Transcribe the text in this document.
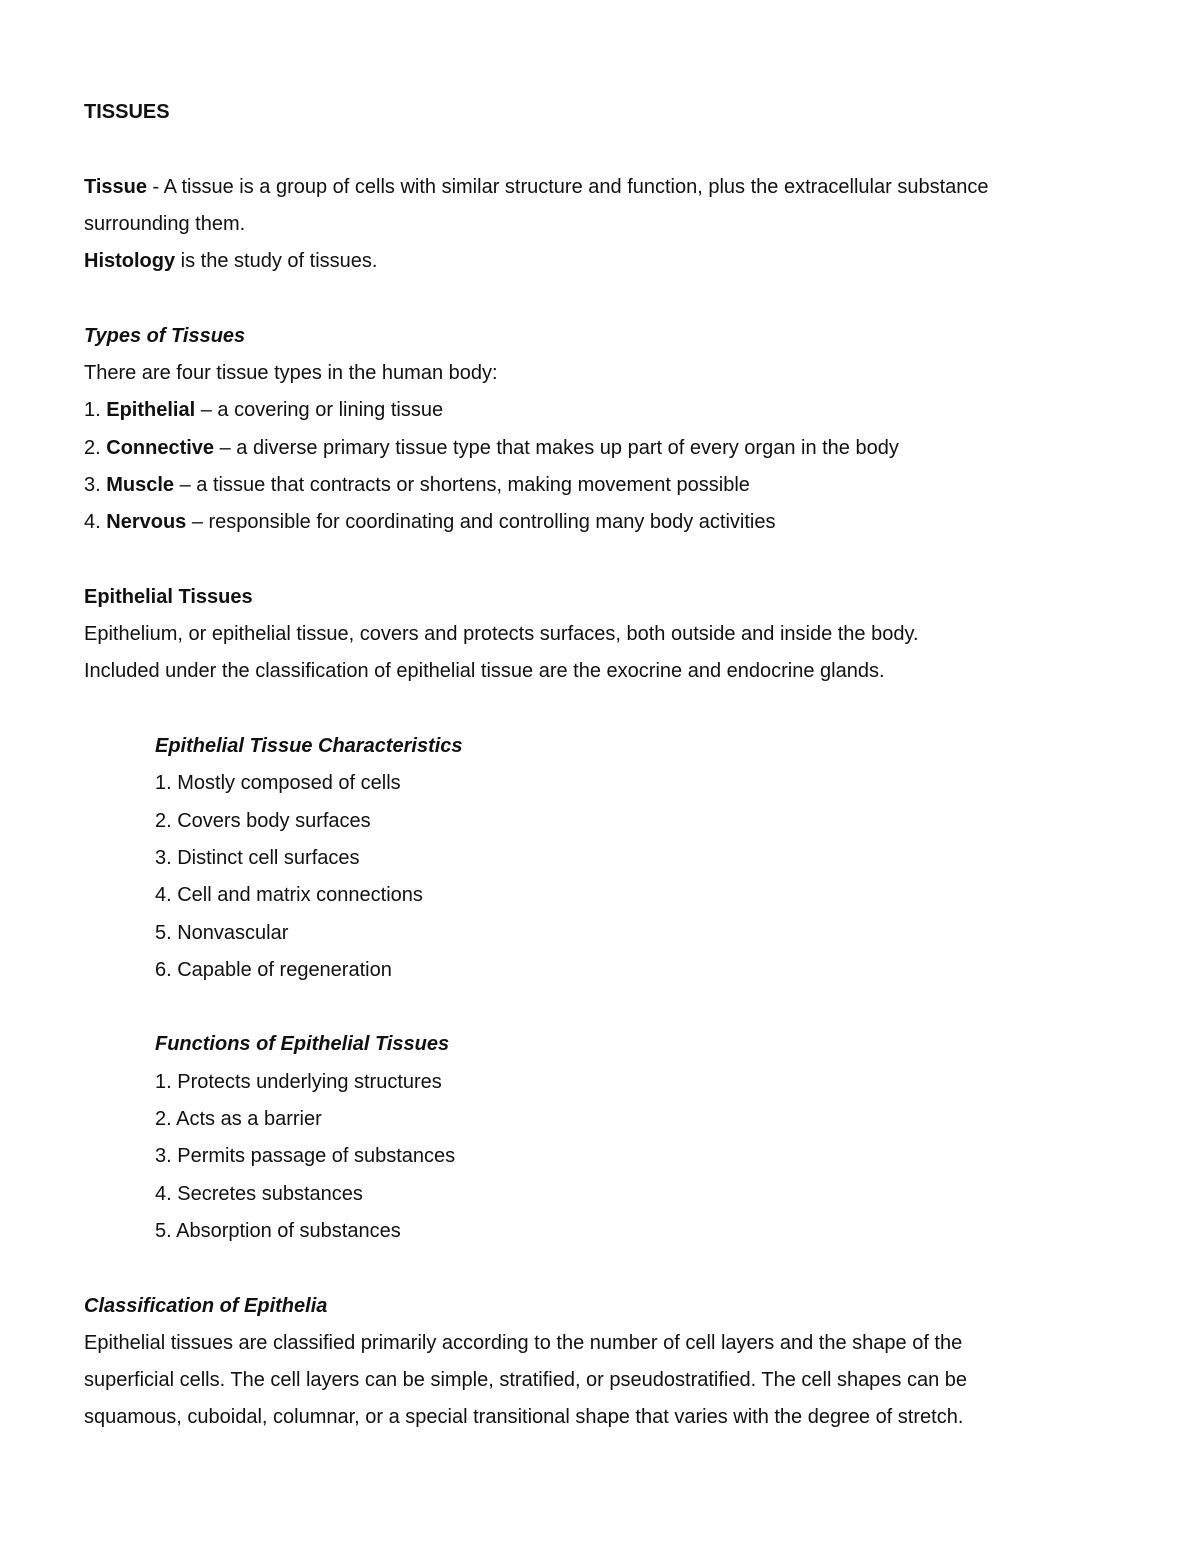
TISSUES

Tissue - A tissue is a group of cells with similar structure and function, plus the extracellular substance

surrounding them.

Histology is the study of tissues.

Types of Tissues

There are four tissue types in the human body:

1. Epithelial – a covering or lining tissue

2. Connective – a diverse primary tissue type that makes up part of every organ in the body

3. Muscle – a tissue that contracts or shortens, making movement possible

4. Nervous – responsible for coordinating and controlling many body activities

Epithelial Tissues

Epithelium, or epithelial tissue, covers and protects surfaces, both outside and inside the body.

Included under the classification of epithelial tissue are the exocrine and endocrine glands.

Epithelial Tissue Characteristics

1. Mostly composed of cells

2. Covers body surfaces

3. Distinct cell surfaces

4. Cell and matrix connections

5. Nonvascular

6. Capable of regeneration

Functions of Epithelial Tissues

1. Protects underlying structures

2. Acts as a barrier

3. Permits passage of substances

4. Secretes substances

5. Absorption of substances

Classification of Epithelia

Epithelial tissues are classified primarily according to the number of cell layers and the shape of the

superficial cells. The cell layers can be simple, stratified, or pseudostratified. The cell shapes can be

squamous, cuboidal, columnar, or a special transitional shape that varies with the degree of stretch.
